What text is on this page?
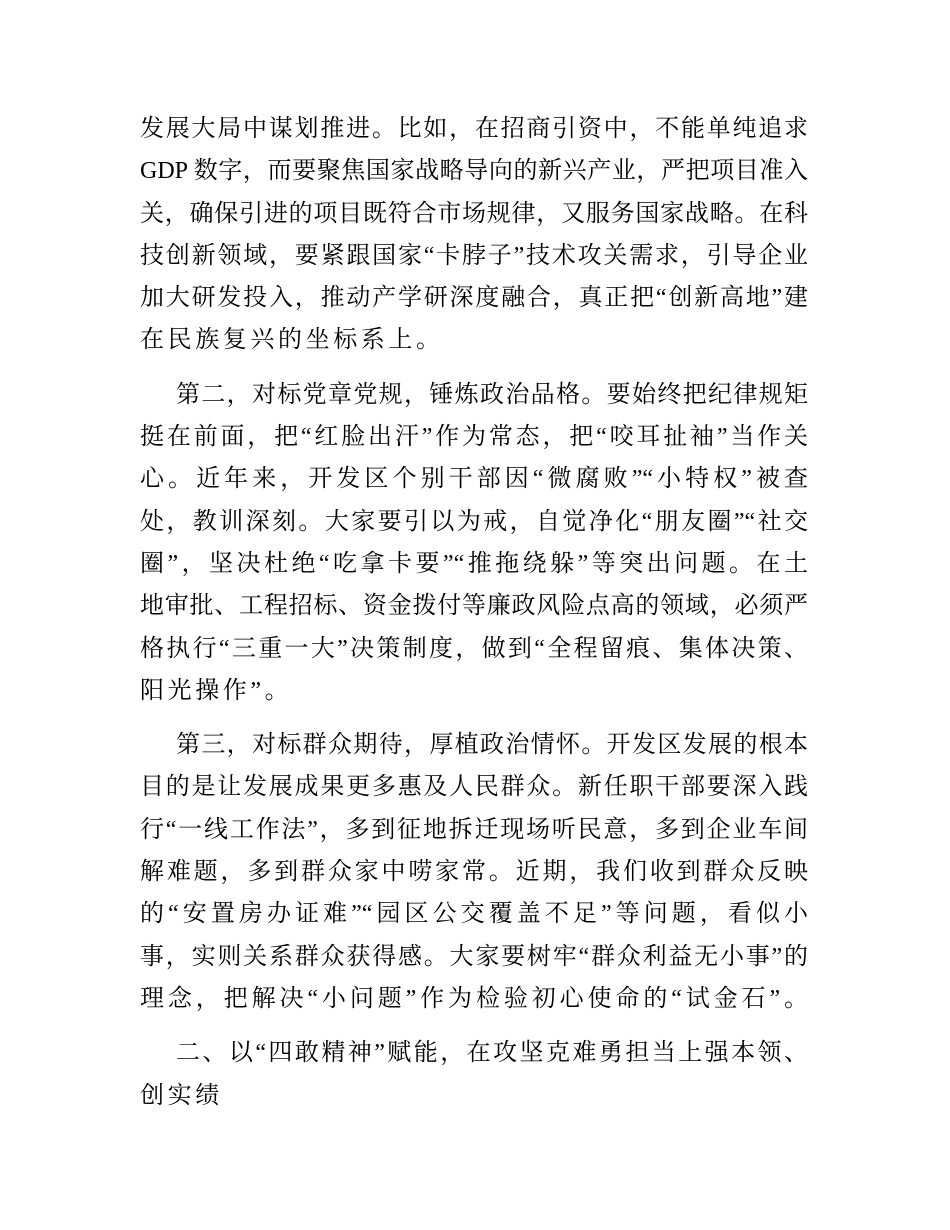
发展大局中谋划推进。比如，在招商引资中，不能单纯追求
GDP 数字，而要聚焦国家战略导向的新兴产业，严把项目准入
关，确保引进的项目既符合市场规律，又服务国家战略。在科
技创新领域，要紧跟国家“卡脖子”技术攻关需求，引导企业
加大研发投入，推动产学研深度融合，真正把“创新高地”建
在民族复兴的坐标系上。
第二，对标党章党规，锤炼政治品格。要始终把纪律规矩
挺在前面，把“红脸出汗”作为常态，把“咬耳扯袖”当作关
心。近年来，开发区个别干部因“微腐败”“小特权”被查
处，教训深刻。大家要引以为戒，自觉净化“朋友圈”“社交
圈”，坚决杜绝“吃拿卡要”“推拖绕躲”等突出问题。在土
地审批、工程招标、资金拨付等廉政风险点高的领域，必须严
格执行“三重一大”决策制度，做到“全程留痕、集体决策、
阳光操作”。
第三，对标群众期待，厚植政治情怀。开发区发展的根本
目的是让发展成果更多惠及人民群众。新任职干部要深入践
行“一线工作法”，多到征地拆迁现场听民意，多到企业车间
解难题，多到群众家中唠家常。近期，我们收到群众反映
的“安置房办证难”“园区公交覆盖不足”等问题，看似小
事，实则关系群众获得感。大家要树牢“群众利益无小事”的
理念，把解决“小问题”作为检验初心使命的“试金石”。
二、以“四敢精神”赋能，在攻坚克难勇担当上强本领、
创实绩
